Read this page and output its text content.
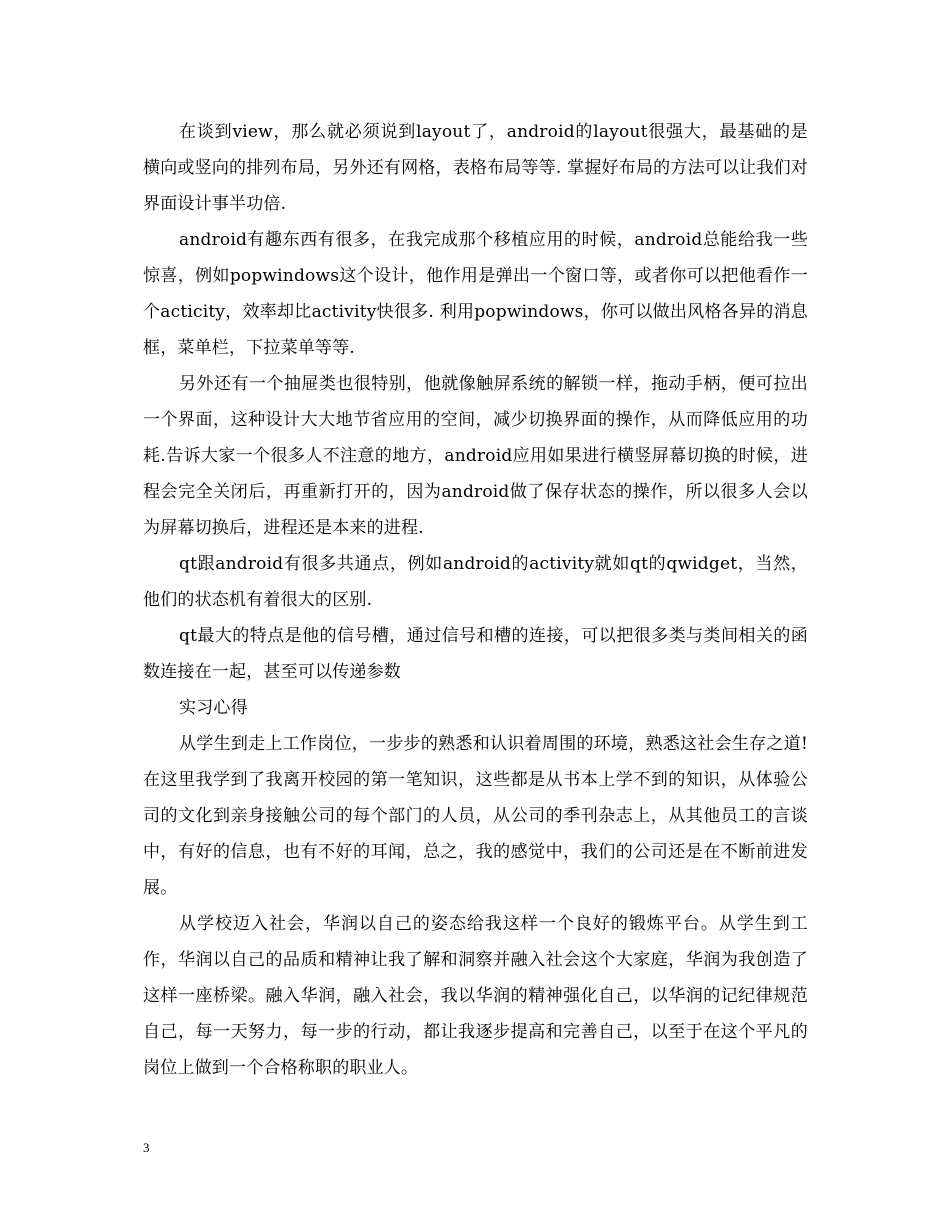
在谈到view，那么就必须说到layout了，android的layout很强大，最基础的是横向或竖向的排列布局，另外还有网格，表格布局等等. 掌握好布局的方法可以让我们对界面设计事半功倍.

android有趣东西有很多，在我完成那个移植应用的时候，android总能给我一些惊喜，例如popwindows这个设计，他作用是弹出一个窗口等，或者你可以把他看作一个acticity，效率却比activity快很多. 利用popwindows，你可以做出风格各异的消息框，菜单栏，下拉菜单等等.

另外还有一个抽屉类也很特别，他就像触屏系统的解锁一样，拖动手柄，便可拉出一个界面，这种设计大大地节省应用的空间，减少切换界面的操作，从而降低应用的功耗.告诉大家一个很多人不注意的地方，android应用如果进行横竖屏幕切换的时候，进程会完全关闭后，再重新打开的，因为android做了保存状态的操作，所以很多人会以为屏幕切换后，进程还是本来的进程.

qt跟android有很多共通点，例如android的activity就如qt的qwidget，当然，他们的状态机有着很大的区别.

qt最大的特点是他的信号槽，通过信号和槽的连接，可以把很多类与类间相关的函数连接在一起，甚至可以传递参数

实习心得

从学生到走上工作岗位，一步步的熟悉和认识着周围的环境，熟悉这社会生存之道!在这里我学到了我离开校园的第一笔知识，这些都是从书本上学不到的知识，从体验公司的文化到亲身接触公司的每个部门的人员，从公司的季刊杂志上，从其他员工的言谈中，有好的信息，也有不好的耳闻，总之，我的感觉中，我们的公司还是在不断前进发展。

从学校迈入社会，华润以自己的姿态给我这样一个良好的锻炼平台。从学生到工作，华润以自己的品质和精神让我了解和洞察并融入社会这个大家庭，华润为我创造了这样一座桥梁。融入华润，融入社会，我以华润的精神强化自己，以华润的记纪律规范自己，每一天努力，每一步的行动，都让我逐步提高和完善自己，以至于在这个平凡的岗位上做到一个合格称职的职业人。

3
